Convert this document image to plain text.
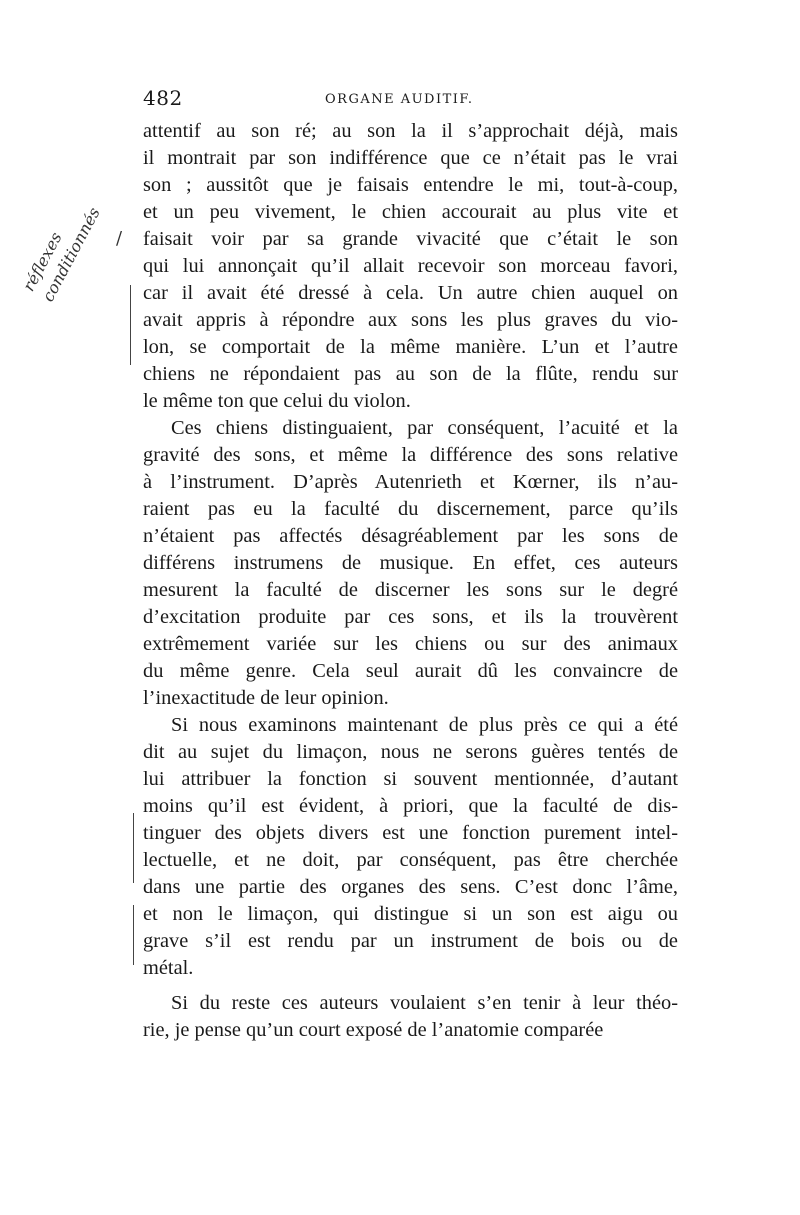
482	ORGANE AUDITIF.
réflexes
conditionnés /

attentif au son ré; au son la il s’approchait déjà, mais

il montrait par son indifférence que ce n’était pas le vrai

son ; aussitôt que je faisais entendre le mi, tout-à-coup,

et un peu vivement, le chien accourait au plus vite et

faisait voir par sa grande vivacité que c’était le son

qui lui annonçait qu’il allait recevoir son morceau favori,

car il avait été dressé à cela. Un autre chien auquel on

avait appris à répondre aux sons les plus graves du vio-

lon, se comportait de la même manière. L’un et l’autre

chiens ne répondaient pas au son de la flûte, rendu sur

le même ton que celui du violon.

Ces chiens distinguaient, par conséquent, l’acuité et la

gravité des sons, et même la différence des sons relative

à l’instrument. D’après Autenrieth et Kœrner, ils n’au-

raient pas eu la faculté du discernement, parce qu’ils

n’étaient pas affectés désagréablement par les sons de

différens instrumens de musique. En effet, ces auteurs

mesurent la faculté de discerner les sons sur le degré

d’excitation produite par ces sons, et ils la trouvèrent

extrêmement variée sur les chiens ou sur des animaux

du même genre. Cela seul aurait dû les convaincre de

l’inexactitude de leur opinion.

Si nous examinons maintenant de plus près ce qui a été

dit au sujet du limaçon, nous ne serons guères tentés de

lui attribuer la fonction si souvent mentionnée, d’autant

moins qu’il est évident, à priori, que la faculté de dis-

tinguer des objets divers est une fonction purement intel-

lectuelle, et ne doit, par conséquent, pas être cherchée

dans une partie des organes des sens. C’est donc l’âme,

et non le limaçon, qui distingue si un son est aigu ou

grave s’il est rendu par un instrument de bois ou de

métal.

Si du reste ces auteurs voulaient s’en tenir à leur théo-

rie, je pense qu’un court exposé de l’anatomie comparée
